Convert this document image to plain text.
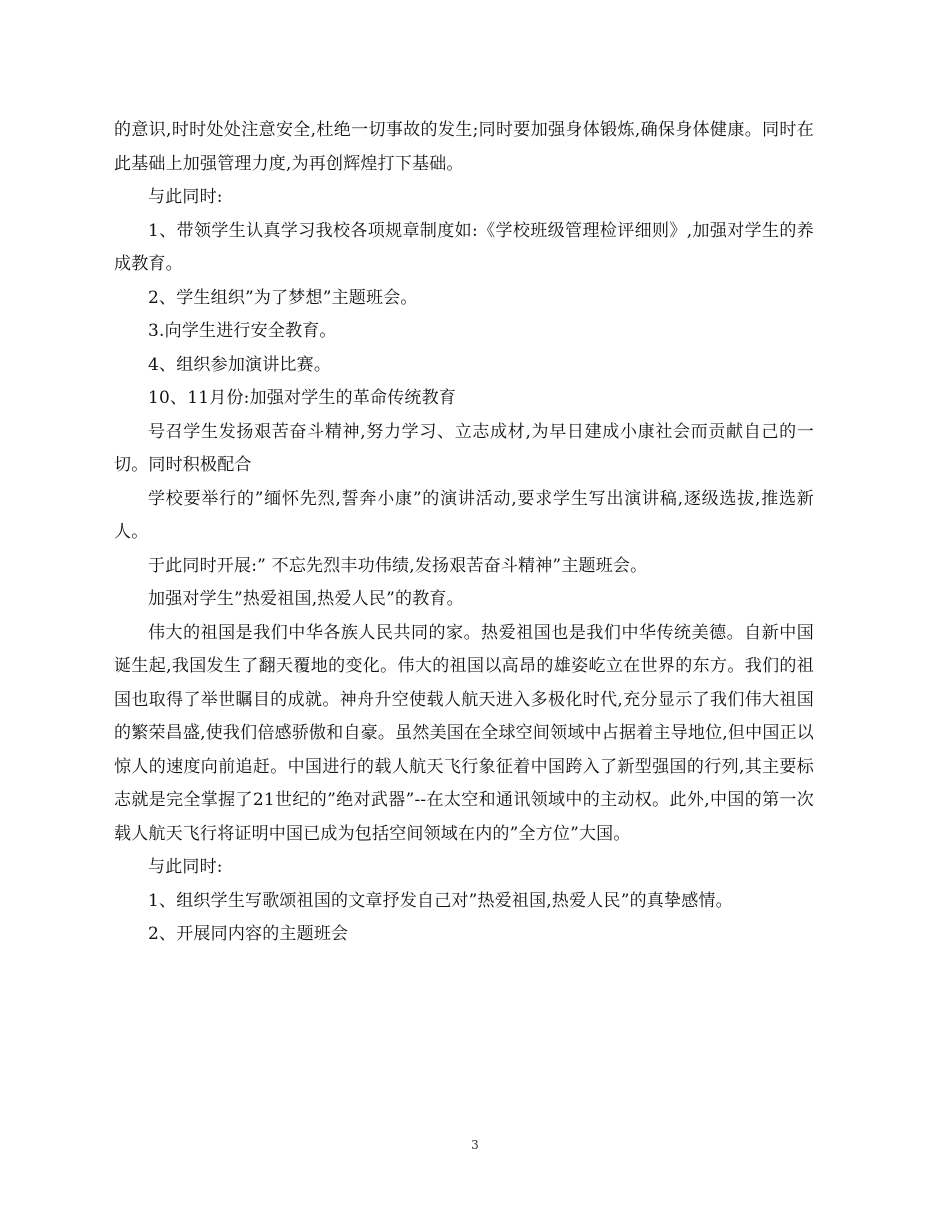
的意识,时时处处注意安全,杜绝一切事故的发生;同时要加强身体锻炼,确保身体健康。同时在此基础上加强管理力度,为再创辉煌打下基础。

与此同时:

1、带领学生认真学习我校各项规章制度如:《学校班级管理检评细则》,加强对学生的养成教育。

2、学生组织”为了梦想”主题班会。

3.向学生进行安全教育。

4、组织参加演讲比赛。

10、11月份:加强对学生的革命传统教育

号召学生发扬艰苦奋斗精神,努力学习、立志成材,为早日建成小康社会而贡献自己的一切。同时积极配合

学校要举行的”缅怀先烈,誓奔小康”的演讲活动,要求学生写出演讲稿,逐级选拔,推选新人。

于此同时开展:” 不忘先烈丰功伟绩,发扬艰苦奋斗精神”主题班会。

加强对学生”热爱祖国,热爱人民”的教育。

伟大的祖国是我们中华各族人民共同的家。热爱祖国也是我们中华传统美德。自新中国诞生起,我国发生了翻天覆地的变化。伟大的祖国以高昂的雄姿屹立在世界的东方。我们的祖国也取得了举世瞩目的成就。神舟升空使载人航天进入多极化时代,充分显示了我们伟大祖国的繁荣昌盛,使我们倍感骄傲和自豪。虽然美国在全球空间领域中占据着主导地位,但中国正以惊人的速度向前追赶。中国进行的载人航天飞行象征着中国跨入了新型强国的行列,其主要标志就是完全掌握了21世纪的”绝对武器”--在太空和通讯领域中的主动权。此外,中国的第一次载人航天飞行将证明中国已成为包括空间领域在内的”全方位”大国。

与此同时:

1、组织学生写歌颂祖国的文章抒发自己对”热爱祖国,热爱人民”的真挚感情。

2、开展同内容的主题班会

3
